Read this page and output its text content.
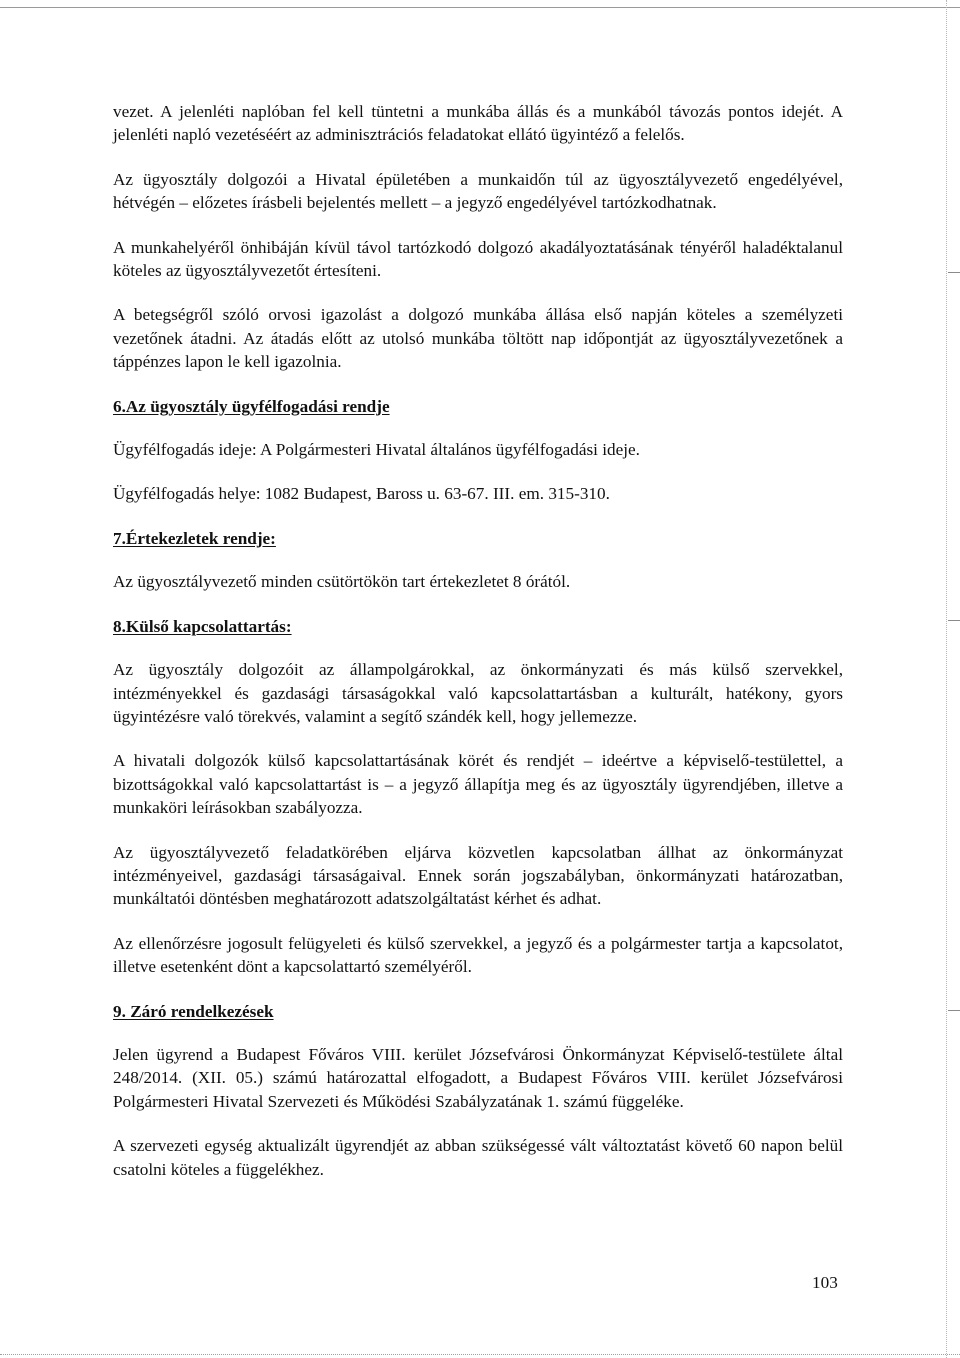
vezet. A jelenléti naplóban fel kell tüntetni a munkába állás és a munkából távozás pontos idejét. A jelenléti napló vezetéséért az adminisztrációs feladatokat ellátó ügyintéző a felelős.

Az ügyosztály dolgozói a Hivatal épületében a munkaidőn túl az ügyosztályvezető engedélyével, hétvégén – előzetes írásbeli bejelentés mellett – a jegyző engedélyével tartózkodhatnak.

A munkahelyéről önhibáján kívül távol tartózkodó dolgozó akadályoztatásának tényéről haladéktalanul köteles az ügyosztályvezetőt értesíteni.

A betegségről szóló orvosi igazolást a dolgozó munkába állása első napján köteles a személyzeti vezetőnek átadni. Az átadás előtt az utolsó munkába töltött nap időpontját az ügyosztályvezetőnek a táppénzes lapon le kell igazolnia.

6.Az ügyosztály ügyfélfogadási rendje

Ügyfélfogadás ideje: A Polgármesteri Hivatal általános ügyfélfogadási ideje.

Ügyfélfogadás helye: 1082 Budapest, Baross u. 63-67. III. em. 315-310.

7.Értekezletek rendje:

Az ügyosztályvezető minden csütörtökön tart értekezletet 8 órától.

8.Külső kapcsolattartás:

Az ügyosztály dolgozóit az állampolgárokkal, az önkormányzati és más külső szervekkel, intézményekkel és gazdasági társaságokkal való kapcsolattartásban a kulturált, hatékony, gyors ügyintézésre való törekvés, valamint a segítő szándék kell, hogy jellemezze.

A hivatali dolgozók külső kapcsolattartásának körét és rendjét – ideértve a képviselő-testülettel, a bizottságokkal való kapcsolattartást is – a jegyző állapítja meg és az ügyosztály ügyrendjében, illetve a munkaköri leírásokban szabályozza.

Az ügyosztályvezető feladatkörében eljárva közvetlen kapcsolatban állhat az önkormányzat intézményeivel, gazdasági társaságaival. Ennek során jogszabályban, önkormányzati határozatban, munkáltatói döntésben meghatározott adatszolgáltatást kérhet és adhat.

Az ellenőrzésre jogosult felügyeleti és külső szervekkel, a jegyző és a polgármester tartja a kapcsolatot, illetve esetenként dönt a kapcsolattartó személyéről.

9. Záró rendelkezések

Jelen ügyrend a Budapest Főváros VIII. kerület Józsefvárosi Önkormányzat Képviselő-testülete által 248/2014. (XII. 05.) számú határozattal elfogadott, a Budapest Főváros VIII. kerület Józsefvárosi Polgármesteri Hivatal Szervezeti és Működési Szabályzatának 1. számú függeléke.

A szervezeti egység aktualizált ügyrendjét az abban szükségessé vált változtatást követő 60 napon belül csatolni köteles a függelékhez.

103
